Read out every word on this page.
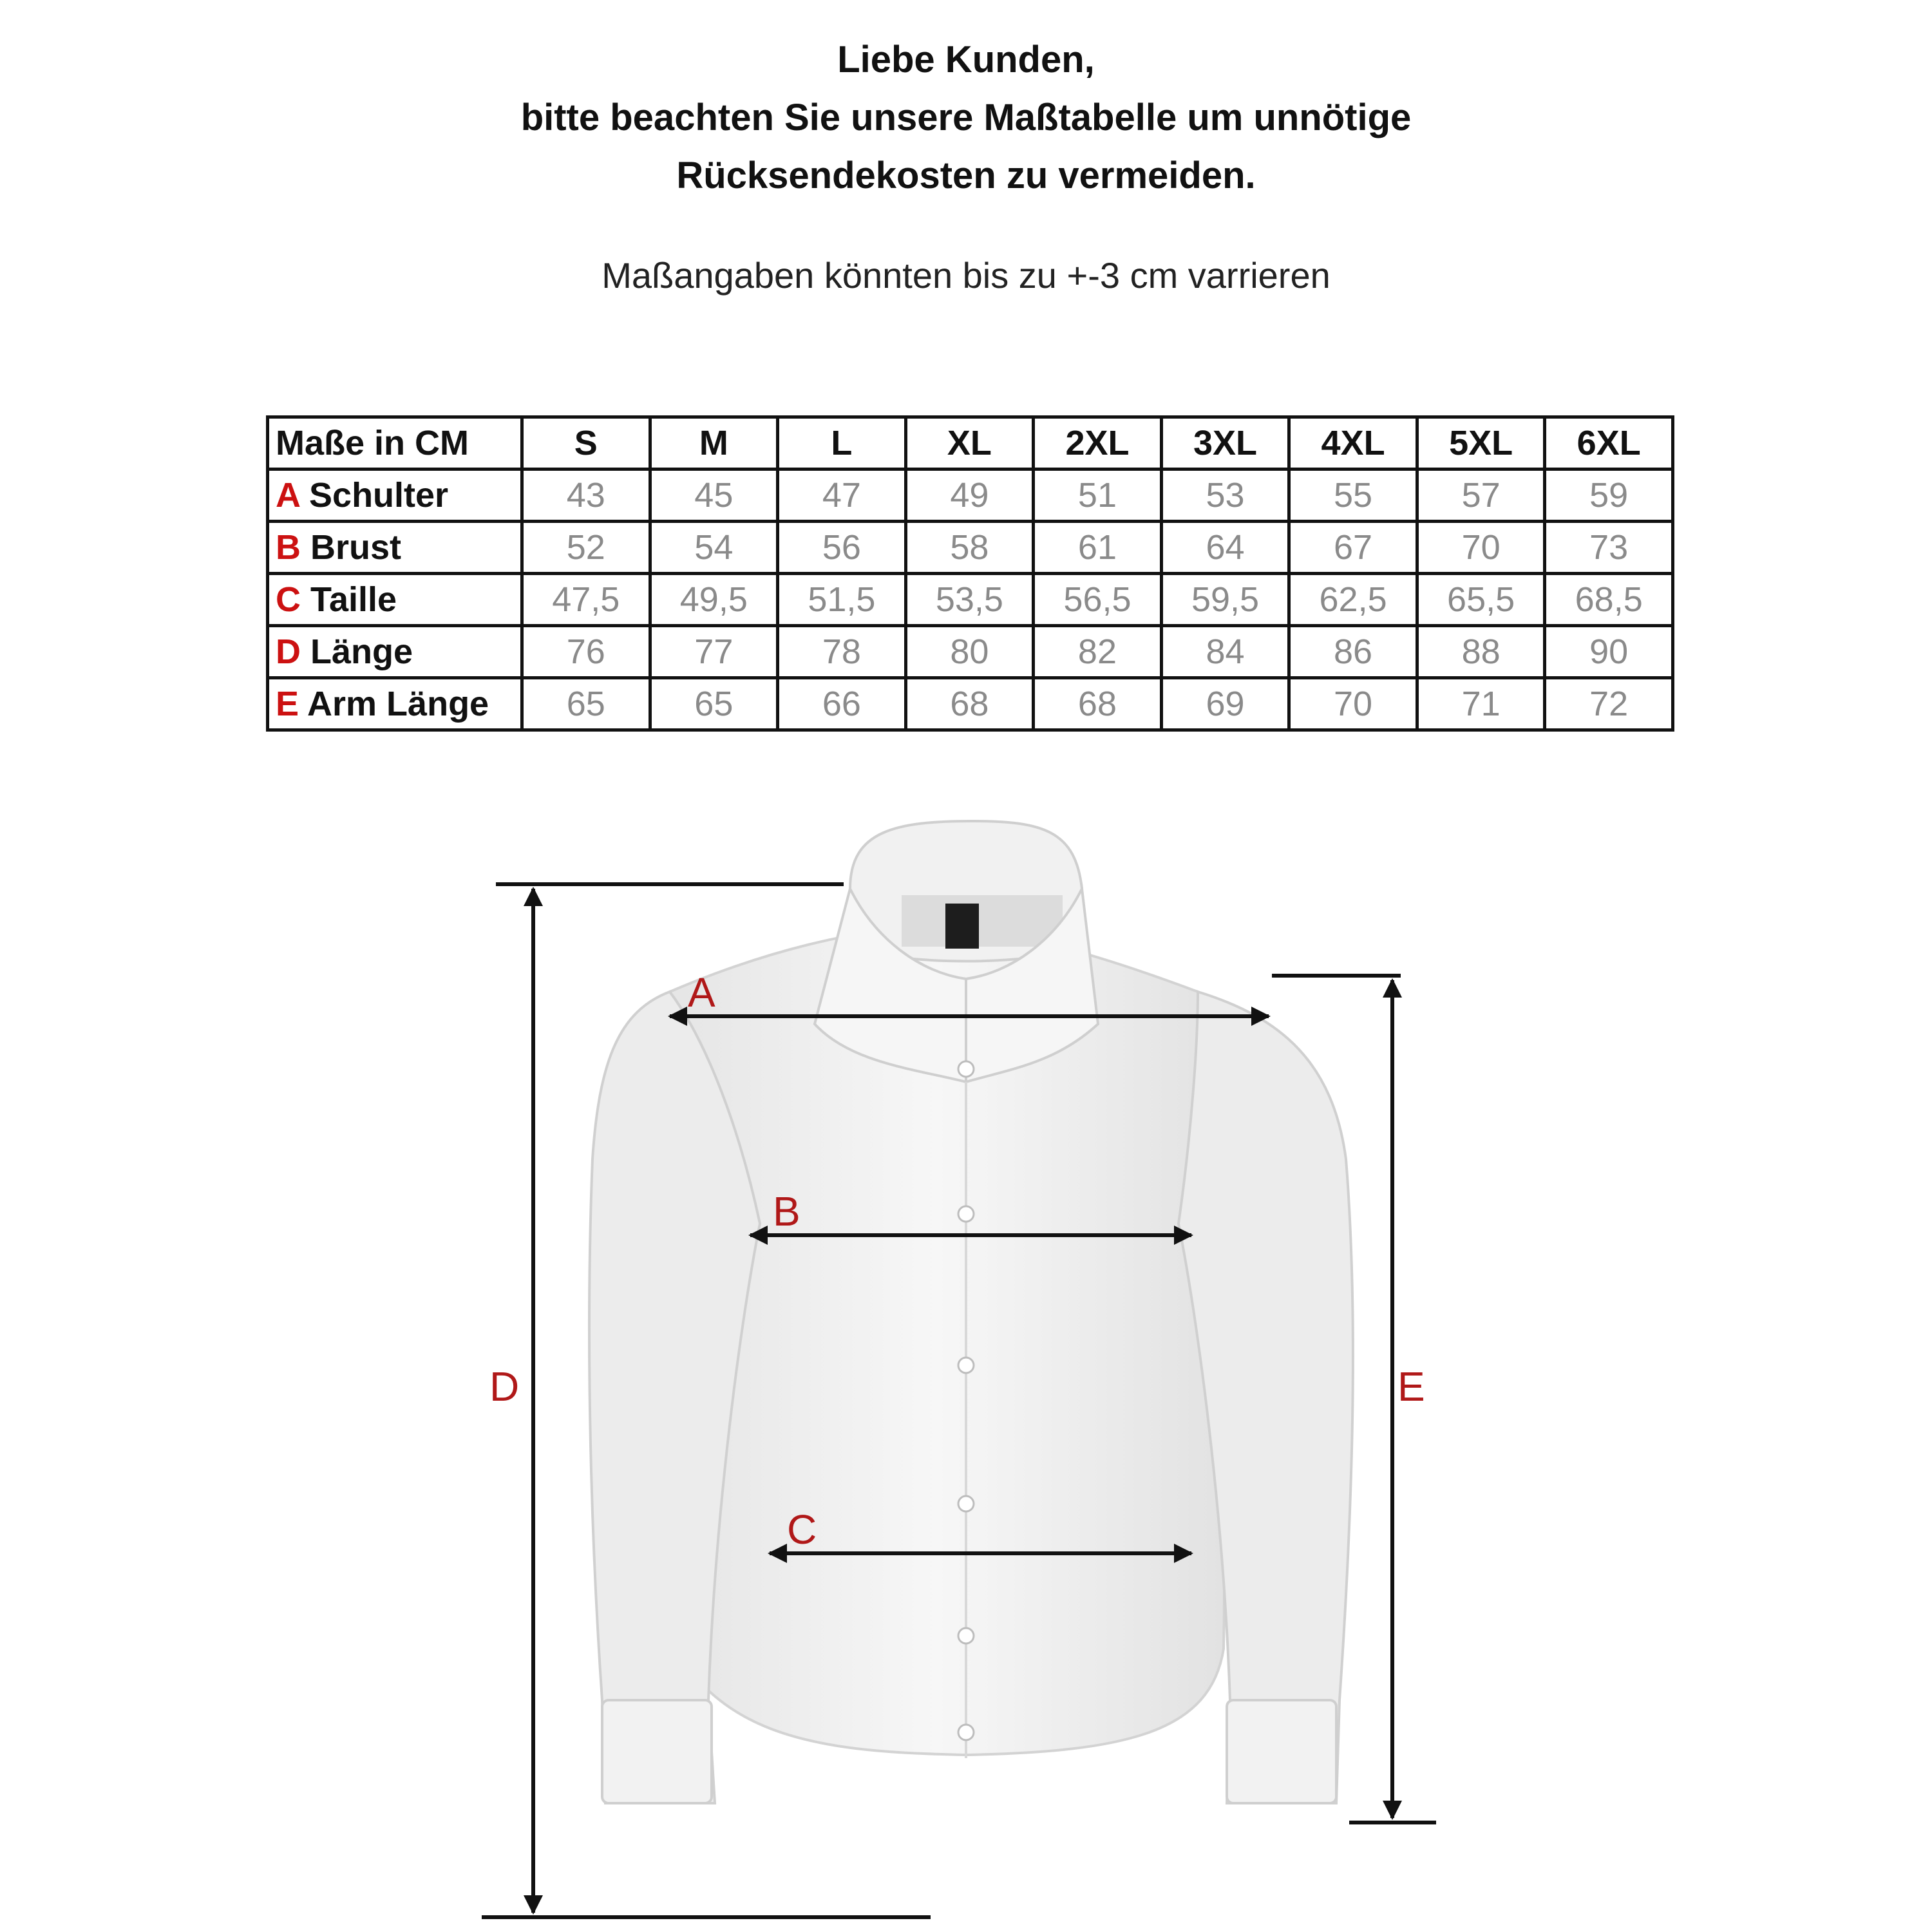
Liebe Kunden,
bitte beachten Sie unsere Maßtabelle um unnötige
Rücksendekosten zu vermeiden.

Maßangaben könnten bis zu +-3 cm varrieren

Maße in CM	S	M	L	XL	2XL	3XL	4XL	5XL	6XL
A Schulter	43	45	47	49	51	53	55	57	59
B Brust	52	54	56	58	61	64	67	70	73
C Taille	47,5	49,5	51,5	53,5	56,5	59,5	62,5	65,5	68,5
D Länge	76	77	78	80	82	84	86	88	90
E Arm Länge	65	65	66	68	68	69	70	71	72
A
B
C
D	E
